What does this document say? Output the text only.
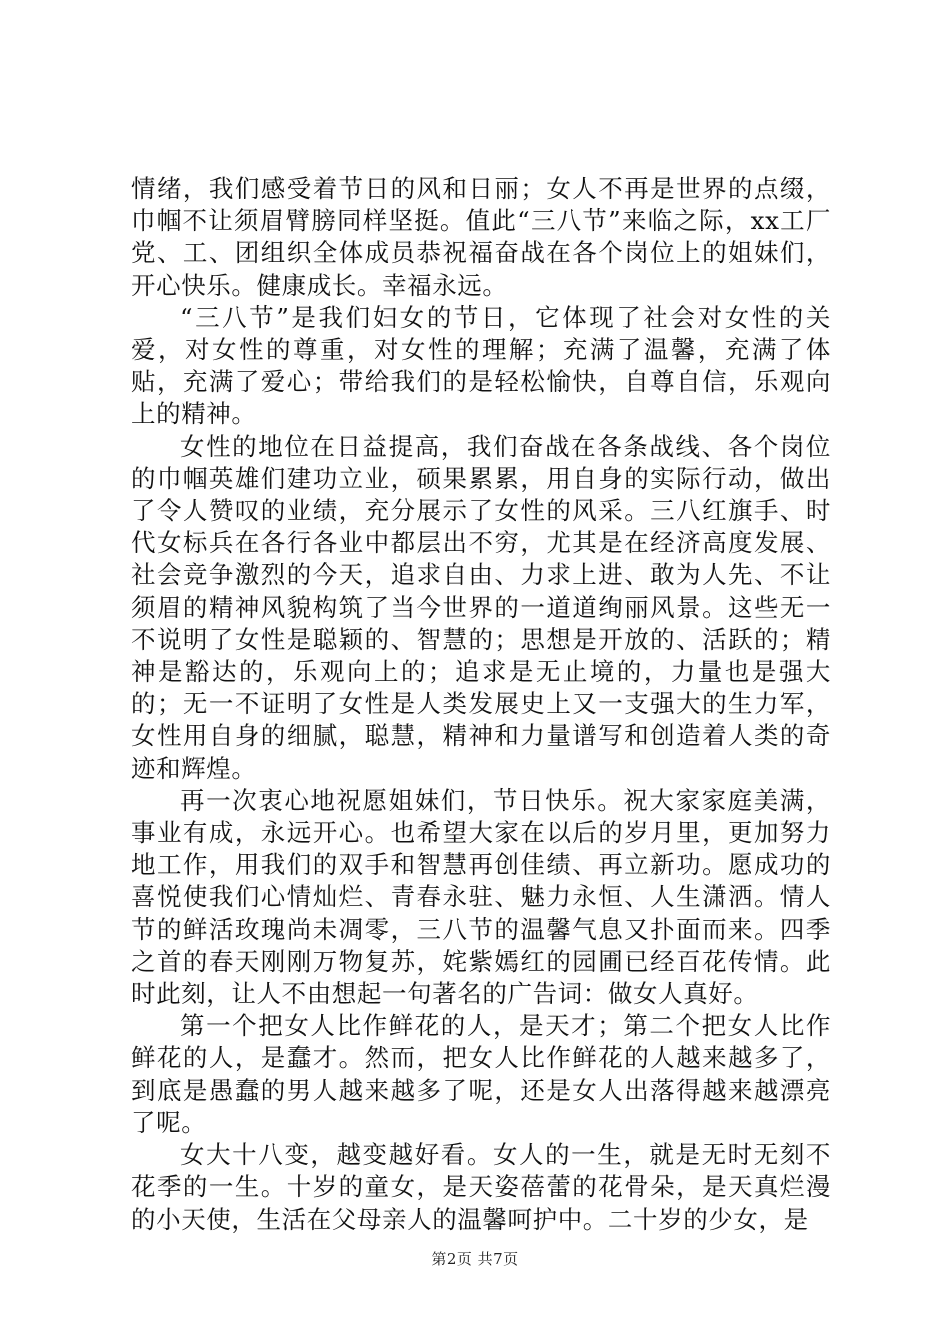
情绪，我们感受着节日的风和日丽；女人不再是世界的点缀，巾帼不让须眉臂膀同样坚挺。值此“三八节”来临之际，xx工厂党、工、团组织全体成员恭祝福奋战在各个岗位上的姐妹们，开心快乐。健康成长。幸福永远。

“三八节”是我们妇女的节日，它体现了社会对女性的关爱，对女性的尊重，对女性的理解；充满了温馨，充满了体贴，充满了爱心；带给我们的是轻松愉快，自尊自信，乐观向上的精神。

女性的地位在日益提高，我们奋战在各条战线、各个岗位的巾帼英雄们建功立业，硕果累累，用自身的实际行动，做出了令人赞叹的业绩，充分展示了女性的风采。三八红旗手、时代女标兵在各行各业中都层出不穷，尤其是在经济高度发展、社会竞争激烈的今天，追求自由、力求上进、敢为人先、不让须眉的精神风貌构筑了当今世界的一道道绚丽风景。这些无一不说明了女性是聪颖的、智慧的；思想是开放的、活跃的；精神是豁达的，乐观向上的；追求是无止境的，力量也是强大的；无一不证明了女性是人类发展史上又一支强大的生力军，女性用自身的细腻，聪慧，精神和力量谱写和创造着人类的奇迹和辉煌。

再一次衷心地祝愿姐妹们，节日快乐。祝大家家庭美满，事业有成，永远开心。也希望大家在以后的岁月里，更加努力地工作，用我们的双手和智慧再创佳绩、再立新功。愿成功的喜悦使我们心情灿烂、青春永驻、魅力永恒、人生潇洒。情人节的鲜活玫瑰尚未凋零，三八节的温馨气息又扑面而来。四季之首的春天刚刚万物复苏，姹紫嫣红的园圃已经百花传情。此时此刻，让人不由想起一句著名的广告词：做女人真好。

第一个把女人比作鲜花的人，是天才；第二个把女人比作鲜花的人，是蠢才。然而，把女人比作鲜花的人越来越多了，到底是愚蠢的男人越来越多了呢，还是女人出落得越来越漂亮了呢。

女大十八变，越变越好看。女人的一生，就是无时无刻不花季的一生。十岁的童女，是天姿蓓蕾的花骨朵，是天真烂漫的小天使，生活在父母亲人的温馨呵护中。二十岁的少女，是

第2页 共7页
